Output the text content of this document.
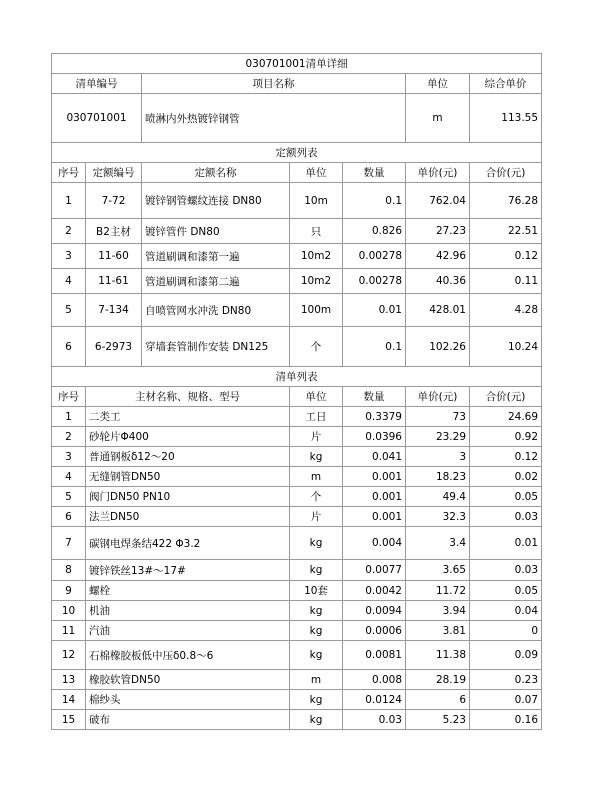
030701001清单详细						
清单编号		项目名称			单位	综合单价
030701001		喷淋内外热镀锌钢管			m	113.55
定额列表						
序号	定额编号	定额名称	单位	数量	单价(元)	合价(元)
1	7-72	镀锌钢管螺纹连接 DN80	10m	0.1	762.04	76.28
2	B2主材	镀锌管件 DN80	只	0.826	27.23	22.51
3	11-60	管道刷调和漆第一遍	10m2	0.00278	42.96	0.12
4	11-61	管道刷调和漆第二遍	10m2	0.00278	40.36	0.11
5	7-134	自喷管网水冲洗 DN80	100m	0.01	428.01	4.28
6	6-2973	穿墙套管制作安装 DN125	个	0.1	102.26	10.24
清单列表						
序号	主材名称、规格、型号		单位	数量	单价(元)	合价(元)
1	二类工		工日	0.3379	73	24.69
2	砂轮片Φ400		片	0.0396	23.29	0.92
3	普通钢板δ12～20		kg	0.041	3	0.12
4	无缝钢管DN50		m	0.001	18.23	0.02
5	阀门DN50 PN10		个	0.001	49.4	0.05
6	法兰DN50		片	0.001	32.3	0.03
7	碳钢电焊条结422 Φ3.2		kg	0.004	3.4	0.01
8	镀锌铁丝13#～17#		kg	0.0077	3.65	0.03
9	螺栓		10套	0.0042	11.72	0.05
10	机油		kg	0.0094	3.94	0.04
11	汽油		kg	0.0006	3.81	0
12	石棉橡胶板低中压δ0.8～6		kg	0.0081	11.38	0.09
13	橡胶软管DN50		m	0.008	28.19	0.23
14	棉纱头		kg	0.0124	6	0.07
15	破布		kg	0.03	5.23	0.16
